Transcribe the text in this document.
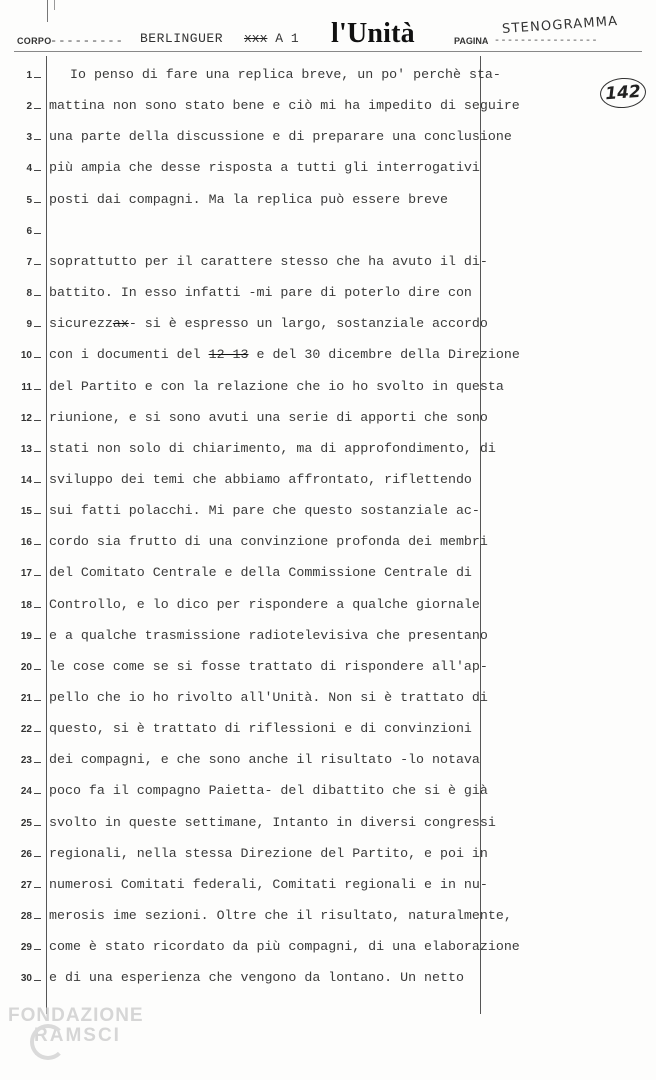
CORPO
--------- BERLINGUER xxx A 1 l'Unità	PAGINA
STENOGRAMMA
----------------
142
1	Io penso di fare una replica breve, un po' perchè sta-
2 mattina non sono stato bene e ciò mi ha impedito di seguire
3 una parte della discussione e di preparare una conclusione
4 più ampia che desse risposta a tutti gli interrogativi
5 posti dai compagni. Ma la replica può essere breve
6
7 soprattutto per il carattere stesso che ha avuto il di-
8 battito. In esso infatti -mi pare di poterlo dire con
9 sicurezzax- si è espresso un largo, sostanziale accordo
10 con i documenti del 12 13 e del 30 dicembre della Direzione
11 del Partito e con la relazione che io ho svolto in questa
12 riunione, e si sono avuti una serie di apporti che sono
13 stati non solo di chiarimento, ma di approfondimento, di
14 sviluppo dei temi che abbiamo affrontato, riflettendo
15 sui fatti polacchi. Mi pare che questo sostanziale ac-
16 cordo sia frutto di una convinzione profonda dei membri
17 del Comitato Centrale e della Commissione Centrale di
18 Controllo, e lo dico per rispondere a qualche giornale
19 e a qualche trasmissione radiotelevisiva che presentano
20 le cose come se si fosse trattato di rispondere all'ap-
21 pello che io ho rivolto all'Unità. Non si è trattato di
22 questo, si è trattato di riflessioni e di convinzioni
23 dei compagni, e che sono anche il risultato -lo notava
24 poco fa il compagno Paietta- del dibattito che si è già
25 svolto in queste settimane, Intanto in diversi congressi
26 regionali, nella stessa Direzione del Partito, e poi in
27 numerosi Comitati federali, Comitati regionali e in nu-
28 merosis ime sezioni. Oltre che il risultato, naturalmente,
29 come è stato ricordato da più compagni, di una elaborazione
30 e di una esperienza che vengono da lontano. Un netto
FONDAZIONE
RAMSCI
